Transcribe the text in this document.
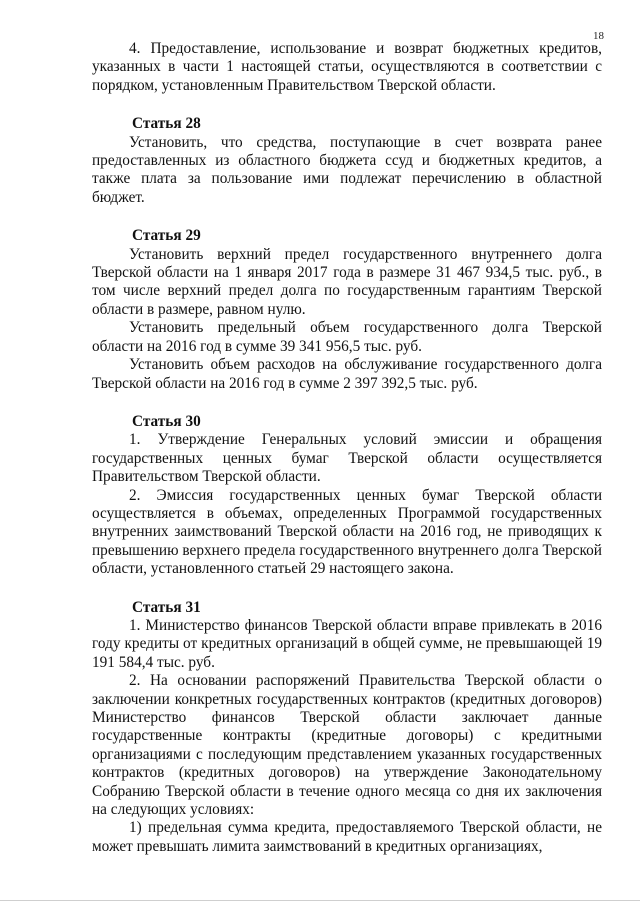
18

4. Предоставление, использование и возврат бюджетных кредитов, указанных в части 1 настоящей статьи, осуществляются в соответствии с порядком, установленным Правительством Тверской области.

Статья 28

Установить, что средства, поступающие в счет возврата ранее предоставленных из областного бюджета ссуд и бюджетных кредитов, а также плата за пользование ими подлежат перечислению в областной бюджет.

Статья 29

Установить верхний предел государственного внутреннего долга Тверской области на 1 января 2017 года в размере 31 467 934,5 тыс. руб., в том числе верхний предел долга по государственным гарантиям Тверской области в размере, равном нулю.

Установить предельный объем государственного долга Тверской области на 2016 год в сумме 39 341 956,5 тыс. руб.

Установить объем расходов на обслуживание государственного долга Тверской области на 2016 год в сумме 2 397 392,5 тыс. руб.

Статья 30

1. Утверждение Генеральных условий эмиссии и обращения государственных ценных бумаг Тверской области осуществляется Правительством Тверской области.

2. Эмиссия государственных ценных бумаг Тверской области осуществляется в объемах, определенных Программой государственных внутренних заимствований Тверской области на 2016 год, не приводящих к превышению верхнего предела государственного внутреннего долга Тверской области, установленного статьей 29 настоящего закона.

Статья 31

1. Министерство финансов Тверской области вправе привлекать в 2016 году кредиты от кредитных организаций в общей сумме, не превышающей 19 191 584,4 тыс. руб.

2. На основании распоряжений Правительства Тверской области о заключении конкретных государственных контрактов (кредитных договоров) Министерство финансов Тверской области заключает данные государственные контракты (кредитные договоры) с кредитными организациями с последующим представлением указанных государственных контрактов (кредитных договоров) на утверждение Законодательному Собранию Тверской области в течение одного месяца со дня их заключения на следующих условиях:

1) предельная сумма кредита, предоставляемого Тверской области, не может превышать лимита заимствований в кредитных организациях,
